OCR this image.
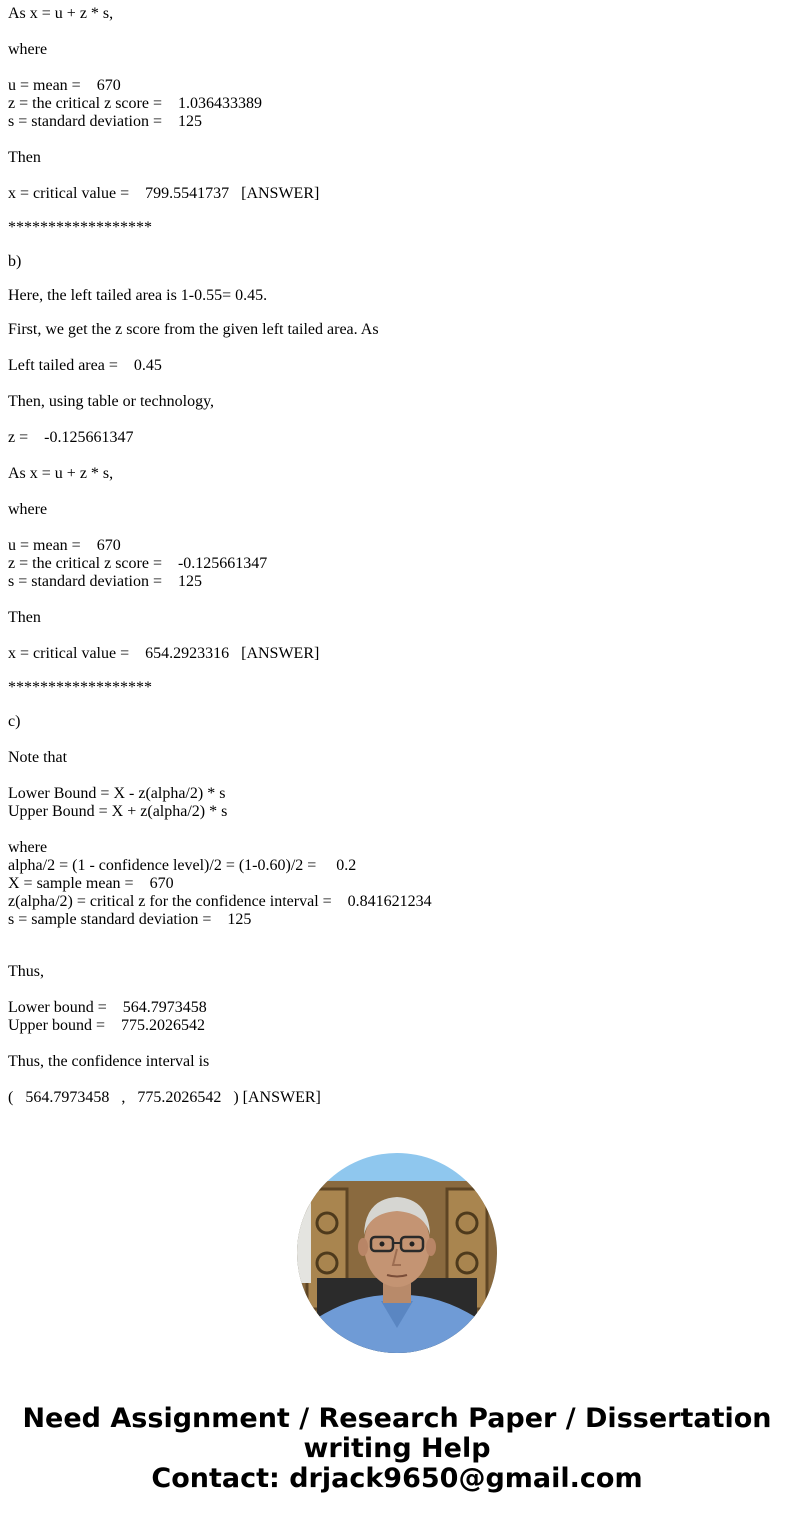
As x = u + z * s,
where
u = mean =    670
z = the critical z score =    1.036433389
s = standard deviation =    125
Then
x = critical value =    799.5541737   [ANSWER]
******************
b)
Here, the left tailed area is 1-0.55= 0.45.
First, we get the z score from the given left tailed area. As
Left tailed area =    0.45
Then, using table or technology,
z =    -0.125661347
As x = u + z * s,
where
u = mean =    670
z = the critical z score =    -0.125661347
s = standard deviation =    125
Then
x = critical value =    654.2923316   [ANSWER]
******************
c)
Note that
Lower Bound = X - z(alpha/2) * s
Upper Bound = X + z(alpha/2) * s
where
alpha/2 = (1 - confidence level)/2 = (1-0.60)/2 =     0.2
X = sample mean =    670
z(alpha/2) = critical z for the confidence interval =    0.841621234
s = sample standard deviation =    125
Thus,
Lower bound =    564.7973458
Upper bound =    775.2026542
Thus, the confidence interval is
(   564.7973458   ,   775.2026542   ) [ANSWER]
Need Assignment / Research Paper / Dissertation
writing Help
Contact: drjack9650@gmail.com
